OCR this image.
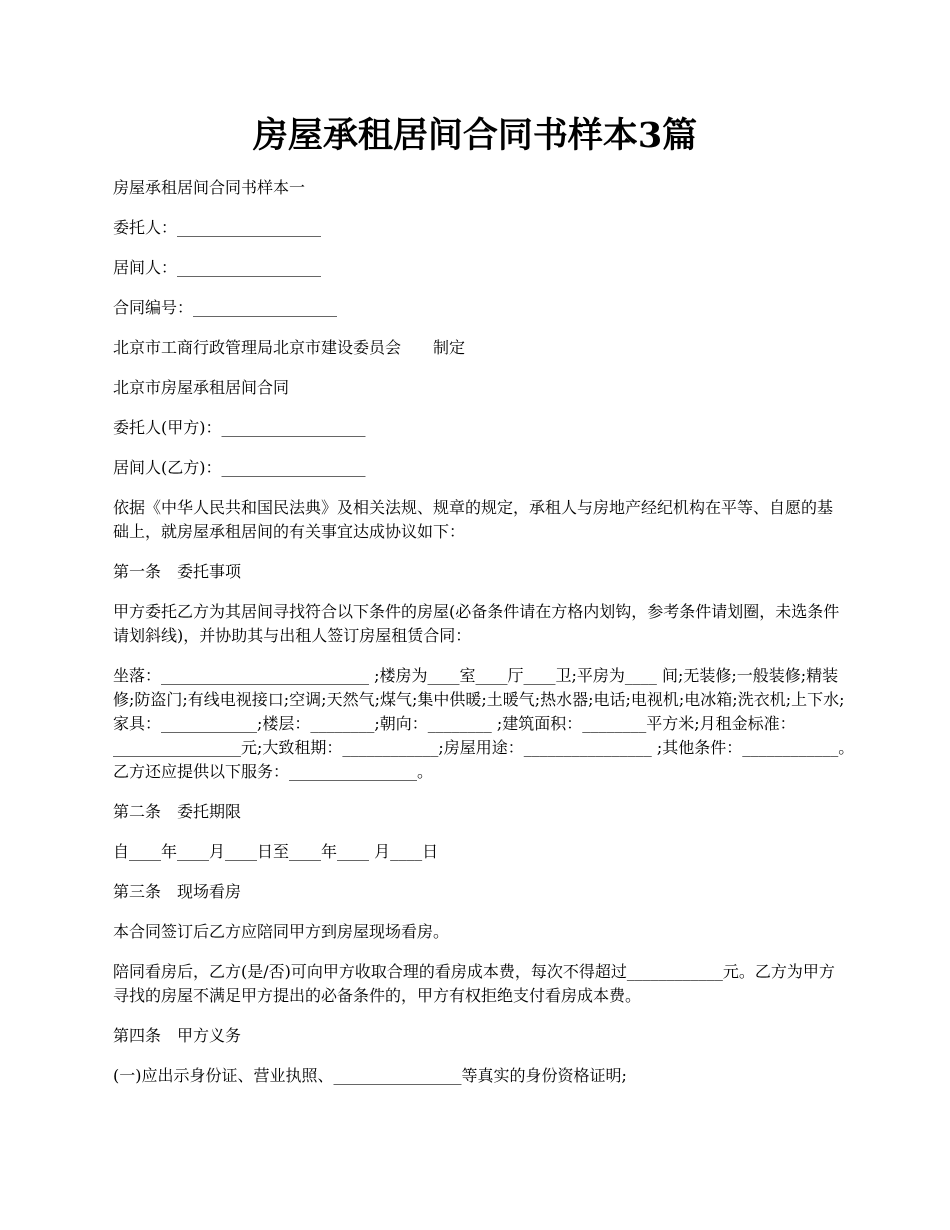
房屋承租居间合同书样本3篇

房屋承租居间合同书样本一

委托人：__________________

居间人：__________________

合同编号：__________________

北京市工商行政管理局北京市建设委员会　　制定

北京市房屋承租居间合同

委托人(甲方)：__________________

居间人(乙方)：__________________

依据《中华人民共和国民法典》及相关法规、规章的规定，承租人与房地产经纪机构在平等、自愿的基础上，就房屋承租居间的有关事宜达成协议如下：

第一条　委托事项

甲方委托乙方为其居间寻找符合以下条件的房屋(必备条件请在方格内划钩，参考条件请划圈，未选条件请划斜线)，并协助其与出租人签订房屋租赁合同：

坐落：__________________________ ;楼房为____室____厅____卫;平房为____ 间;无装修;一般装修;精装修;防盗门;有线电视接口;空调;天然气;煤气;集中供暖;土暖气;热水器;电话;电视机;电冰箱;洗衣机;上下水;家具：____________;楼层：________;朝向：________ ;建筑面积：________平方米;月租金标准：________________元;大致租期：____________;房屋用途：________________ ;其他条件：____________。　　乙方还应提供以下服务：________________。

第二条　委托期限

自____年____月____日至____年____ 月____日

第三条　现场看房

本合同签订后乙方应陪同甲方到房屋现场看房。

陪同看房后，乙方(是/否)可向甲方收取合理的看房成本费，每次不得超过____________元。乙方为甲方寻找的房屋不满足甲方提出的必备条件的，甲方有权拒绝支付看房成本费。

第四条　甲方义务

(一)应出示身份证、营业执照、________________等真实的身份资格证明;
